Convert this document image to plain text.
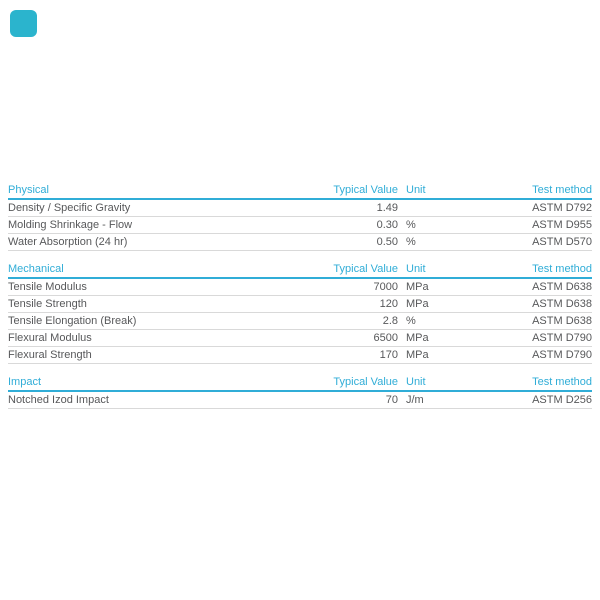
Physical	Typical Value Unit	Test method
Density / Specific Gravity	1.49	ASTM D792
Molding Shrinkage - Flow	0.30 %	ASTM D955
Water Absorption (24 hr)	0.50 %	ASTM D570
Mechanical	Typical Value Unit	Test method
Tensile Modulus	7000 MPa	ASTM D638
Tensile Strength	120 MPa	ASTM D638
Tensile Elongation (Break)	2.8 %	ASTM D638
Flexural Modulus	6500 MPa	ASTM D790
Flexural Strength	170 MPa	ASTM D790
Impact	Typical Value Unit	Test method
Notched Izod Impact	70 J/m	ASTM D256
